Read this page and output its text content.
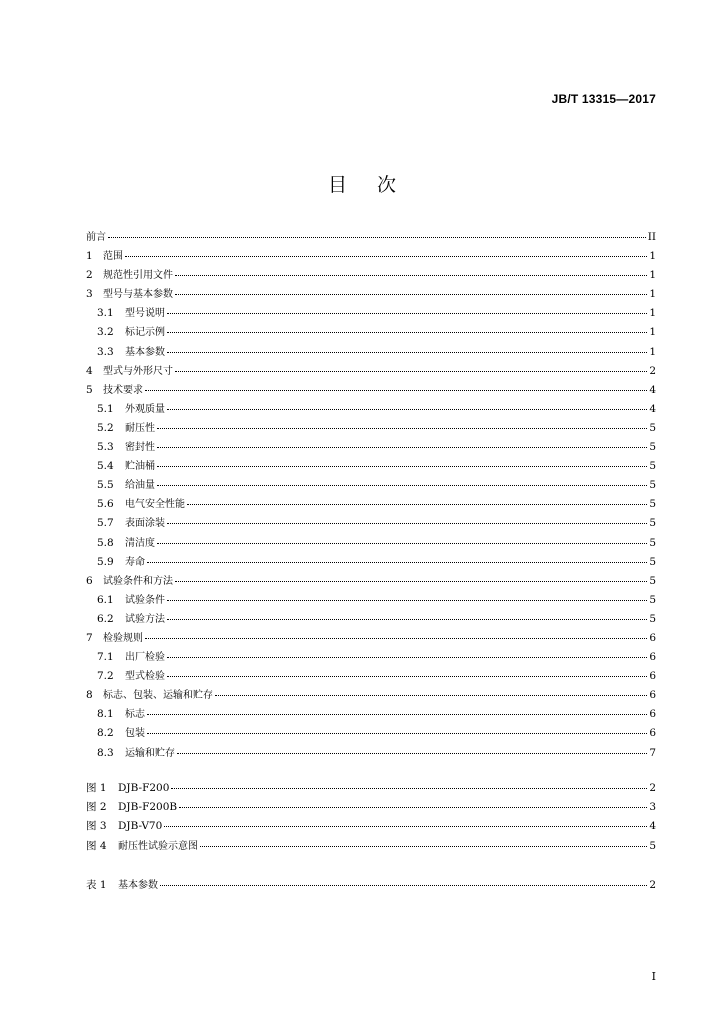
JB/T 13315—2017
目次
前言	II
1	范围	1
2	规范性引用文件	1
3	型号与基本参数	1
3.1	型号说明	1
3.2	标记示例	1
3.3	基本参数	1
4	型式与外形尺寸	2
5	技术要求	4
5.1	外观质量	4
5.2	耐压性	5
5.3	密封性	5
5.4	贮油桶	5
5.5	给油量	5
5.6	电气安全性能	5
5.7	表面涂装	5
5.8	清洁度	5
5.9	寿命	5
6	试验条件和方法	5
6.1	试验条件	5
6.2	试验方法	5
7	检验规则	6
7.1	出厂检验	6
7.2	型式检验	6
8	标志、包装、运输和贮存	6
8.1	标志	6
8.2	包装	6
8.3	运输和贮存	7
图 1	DJB-F200	2
图 2	DJB-F200B	3
图 3	DJB-V70	4
图 4	耐压性试验示意图	5
表 1	基本参数	2
I
